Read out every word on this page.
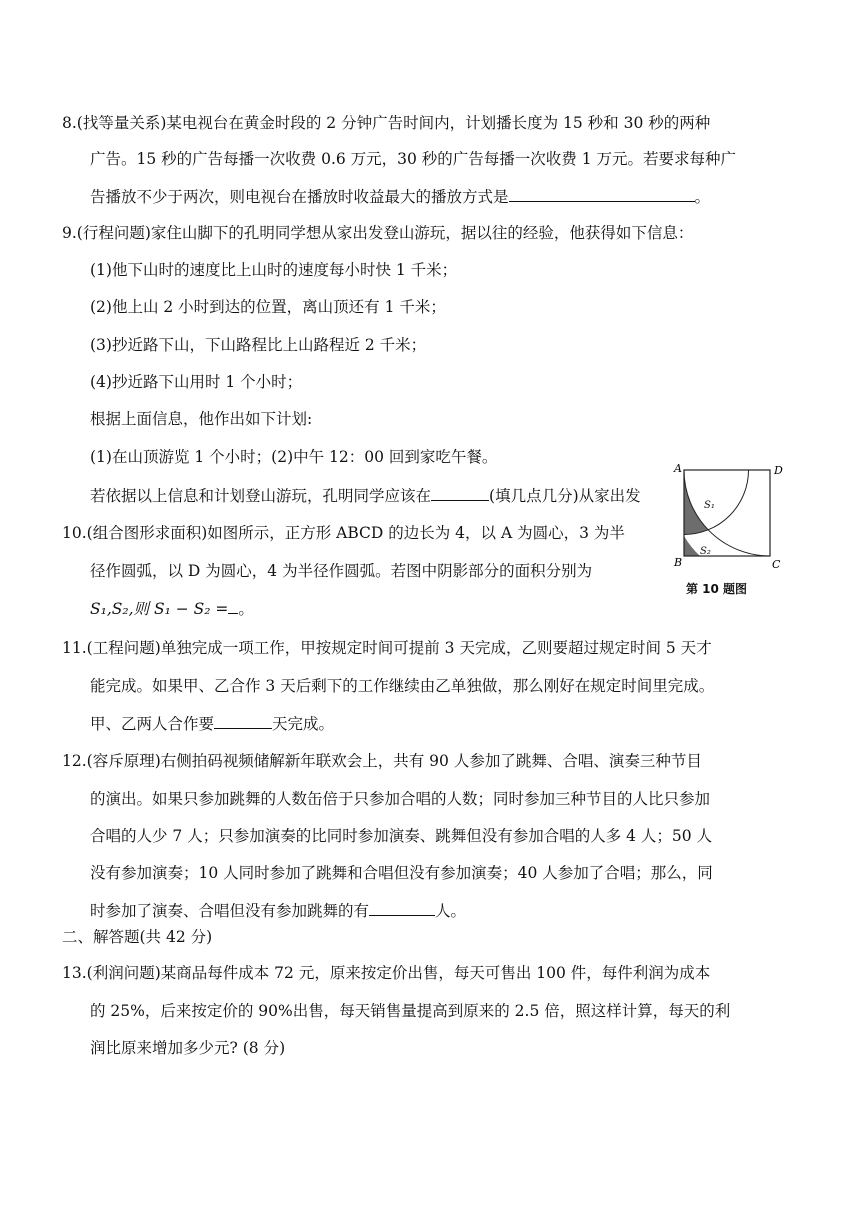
8.(找等量关系)某电视台在黄金时段的 2 分钟广告时间内，计划播长度为 15 秒和 30 秒的两种
广告。15 秒的广告每播一次收费 0.6 万元，30 秒的广告每播一次收费 1 万元。若要求每种广
告播放不少于两次，则电视台在播放时收益最大的播放方式是	。
9.(行程问题)家住山脚下的孔明同学想从家出发登山游玩，据以往的经验，他获得如下信息：
(1)他下山时的速度比上山时的速度每小时快 1 千米；
(2)他上山 2 小时到达的位置，离山顶还有 1 千米；
(3)抄近路下山，下山路程比上山路程近 2 千米；
(4)抄近路下山用时 1 个小时；
根据上面信息，他作出如下计划:
(1)在山顶游览 1 个小时；(2)中午 12：00 回到家吃午餐。
若依据以上信息和计划登山游玩，孔明同学应该在	(填几点几分)从家出发
A	D
B	C
S₁
S₂
第 10 题图
10.(组合图形求面积)如图所示，正方形 ABCD 的边长为 4，以 A 为圆心，3 为半
径作圆弧，以 D 为圆心，4 为半径作圆弧。若图中阴影部分的面积分别为
S₁,S₂,则 S₁ − S₂ = 。
11.(工程问题)单独完成一项工作，甲按规定时间可提前 3 天完成，乙则要超过规定时间 5 天才
能完成。如果甲、乙合作 3 天后剩下的工作继续由乙单独做，那么刚好在规定时间里完成。
甲、乙两人合作要	天完成。
12.(容斥原理)右侧拍码视频储解新年联欢会上，共有 90 人参加了跳舞、合唱、演奏三种节目
的演出。如果只参加跳舞的人数缶倍于只参加合唱的人数；同时参加三种节目的人比只参加
合唱的人少 7 人；只参加演奏的比同时参加演奏、跳舞但没有参加合唱的人多 4 人；50 人
没有参加演奏；10 人同时参加了跳舞和合唱但没有参加演奏；40 人参加了合唱；那么，同
时参加了演奏、合唱但没有参加跳舞的有	人。
二、解答题(共 42 分)
13.(利润问题)某商品每件成本 72 元，原来按定价出售，每天可售出 100 件，每件利润为成本
的 25%，后来按定价的 90%出售，每天销售量提高到原来的 2.5 倍，照这样计算，每天的利
润比原来增加多少元? (8 分)
